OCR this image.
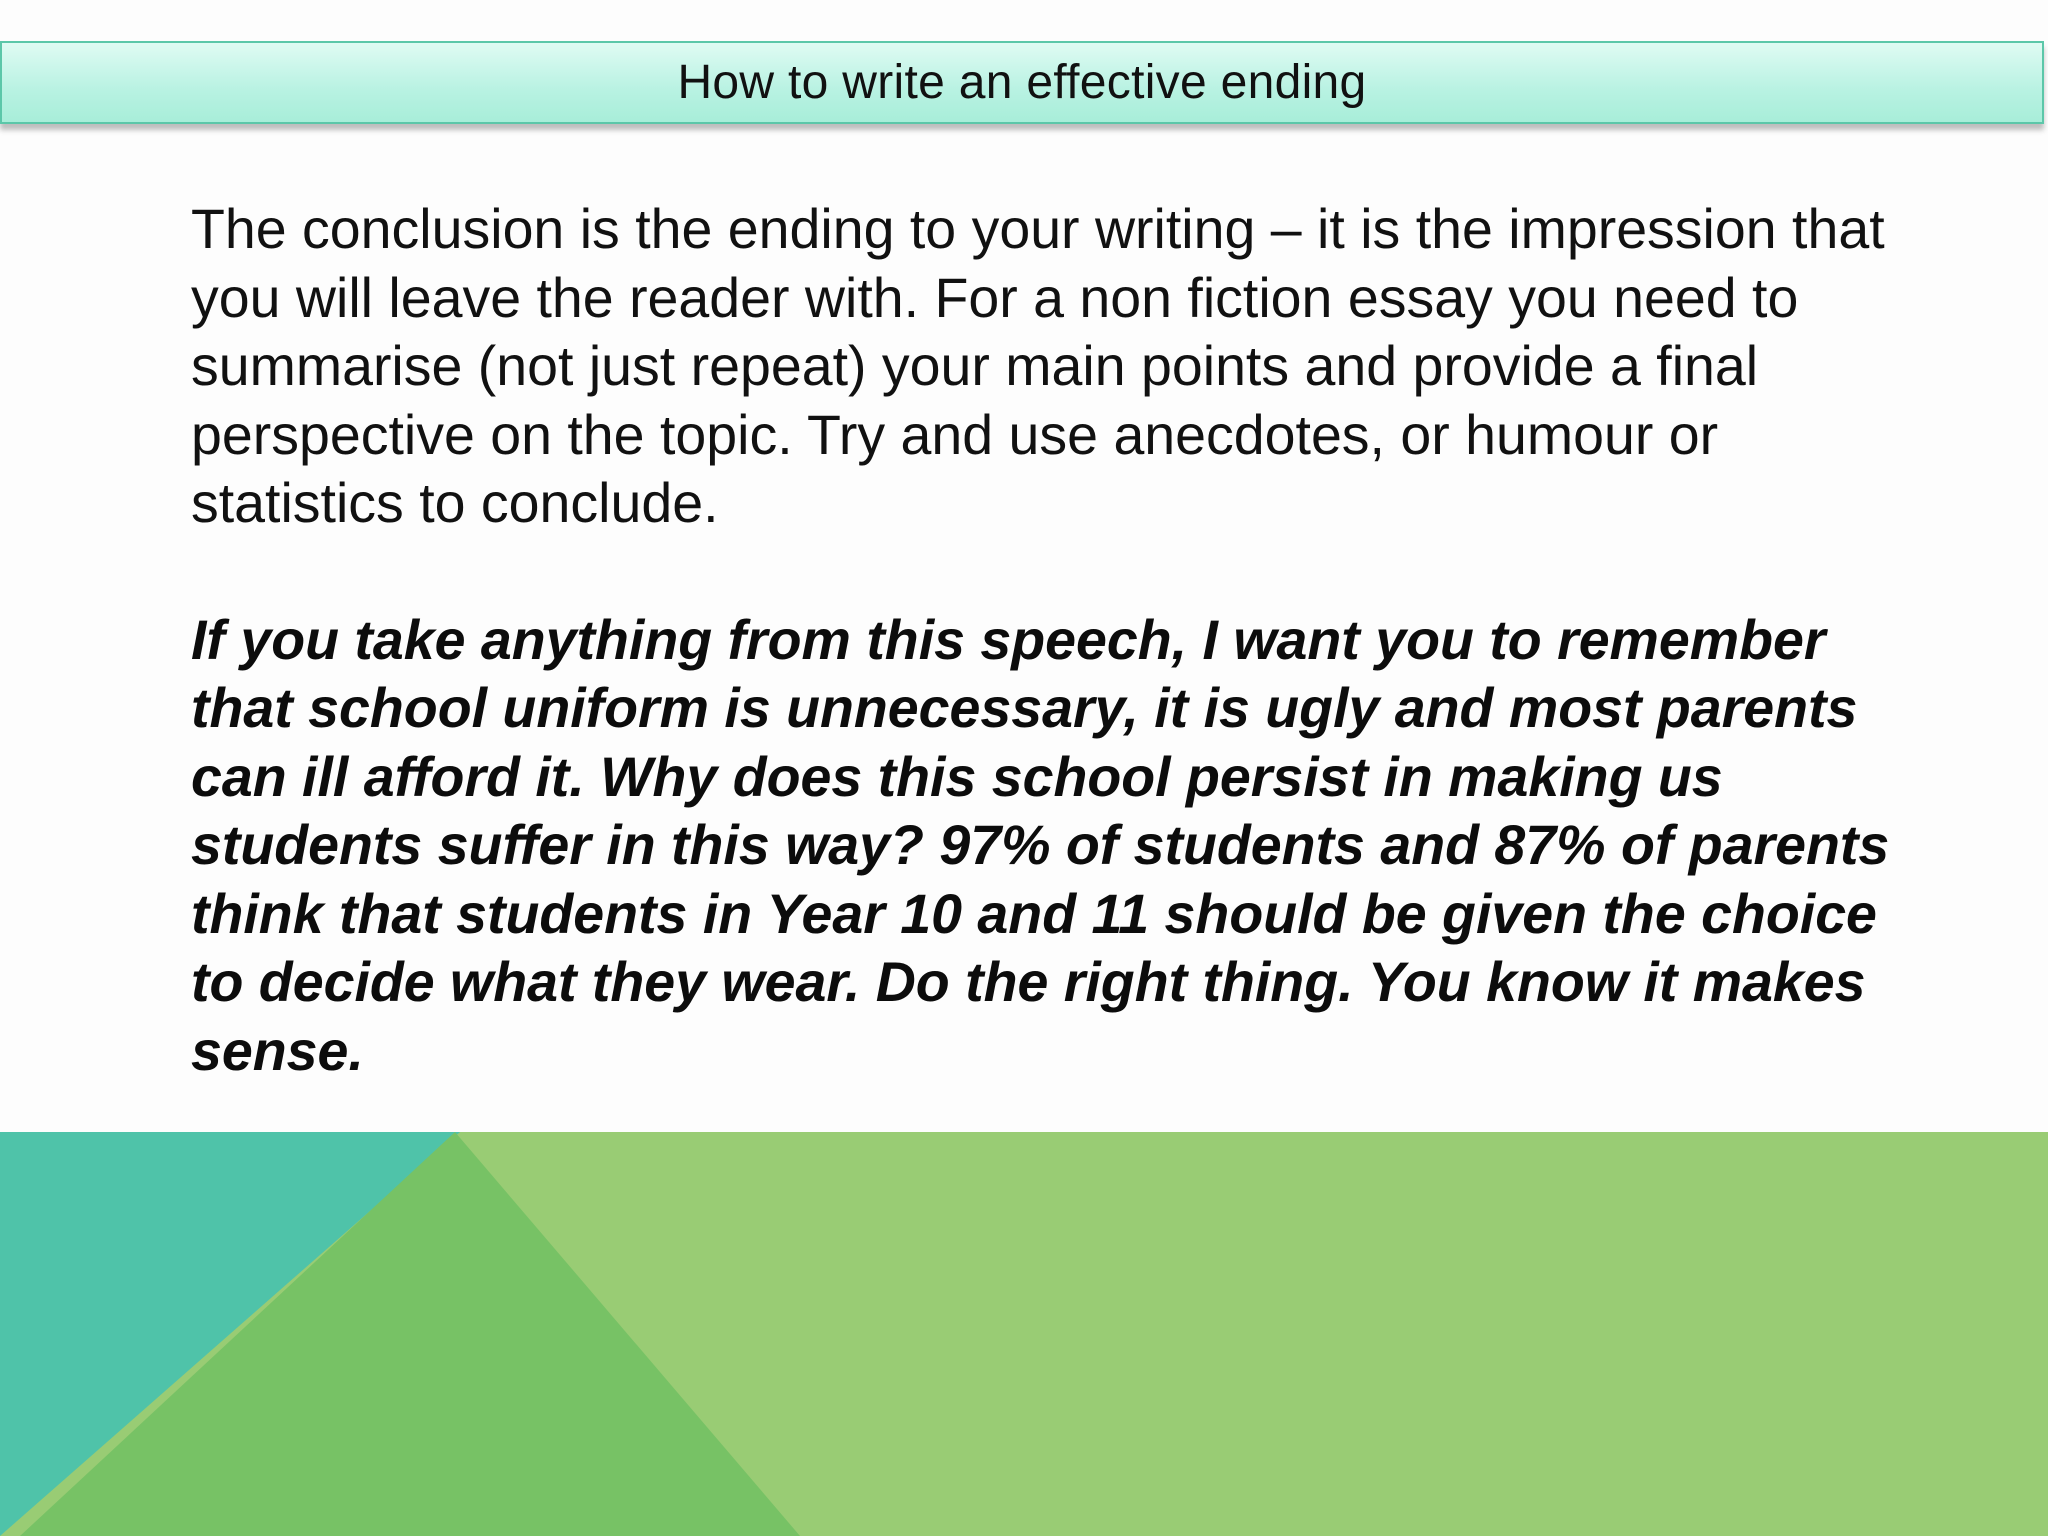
How to write an effective ending

The conclusion is the ending to your writing – it is the impression that you will leave the reader with. For a non fiction essay you need to summarise (not just repeat) your main points and provide a final perspective on the topic. Try and use anecdotes, or humour or statistics to conclude.

If you take anything from this speech, I want you to remember that school uniform is unnecessary, it is ugly and most parents can ill afford it. Why does this school persist in making us students suffer in this way? 97% of students and 87% of parents think that students in Year 10 and 11 should be given the choice to decide what they wear. Do the right thing. You know it makes sense.
